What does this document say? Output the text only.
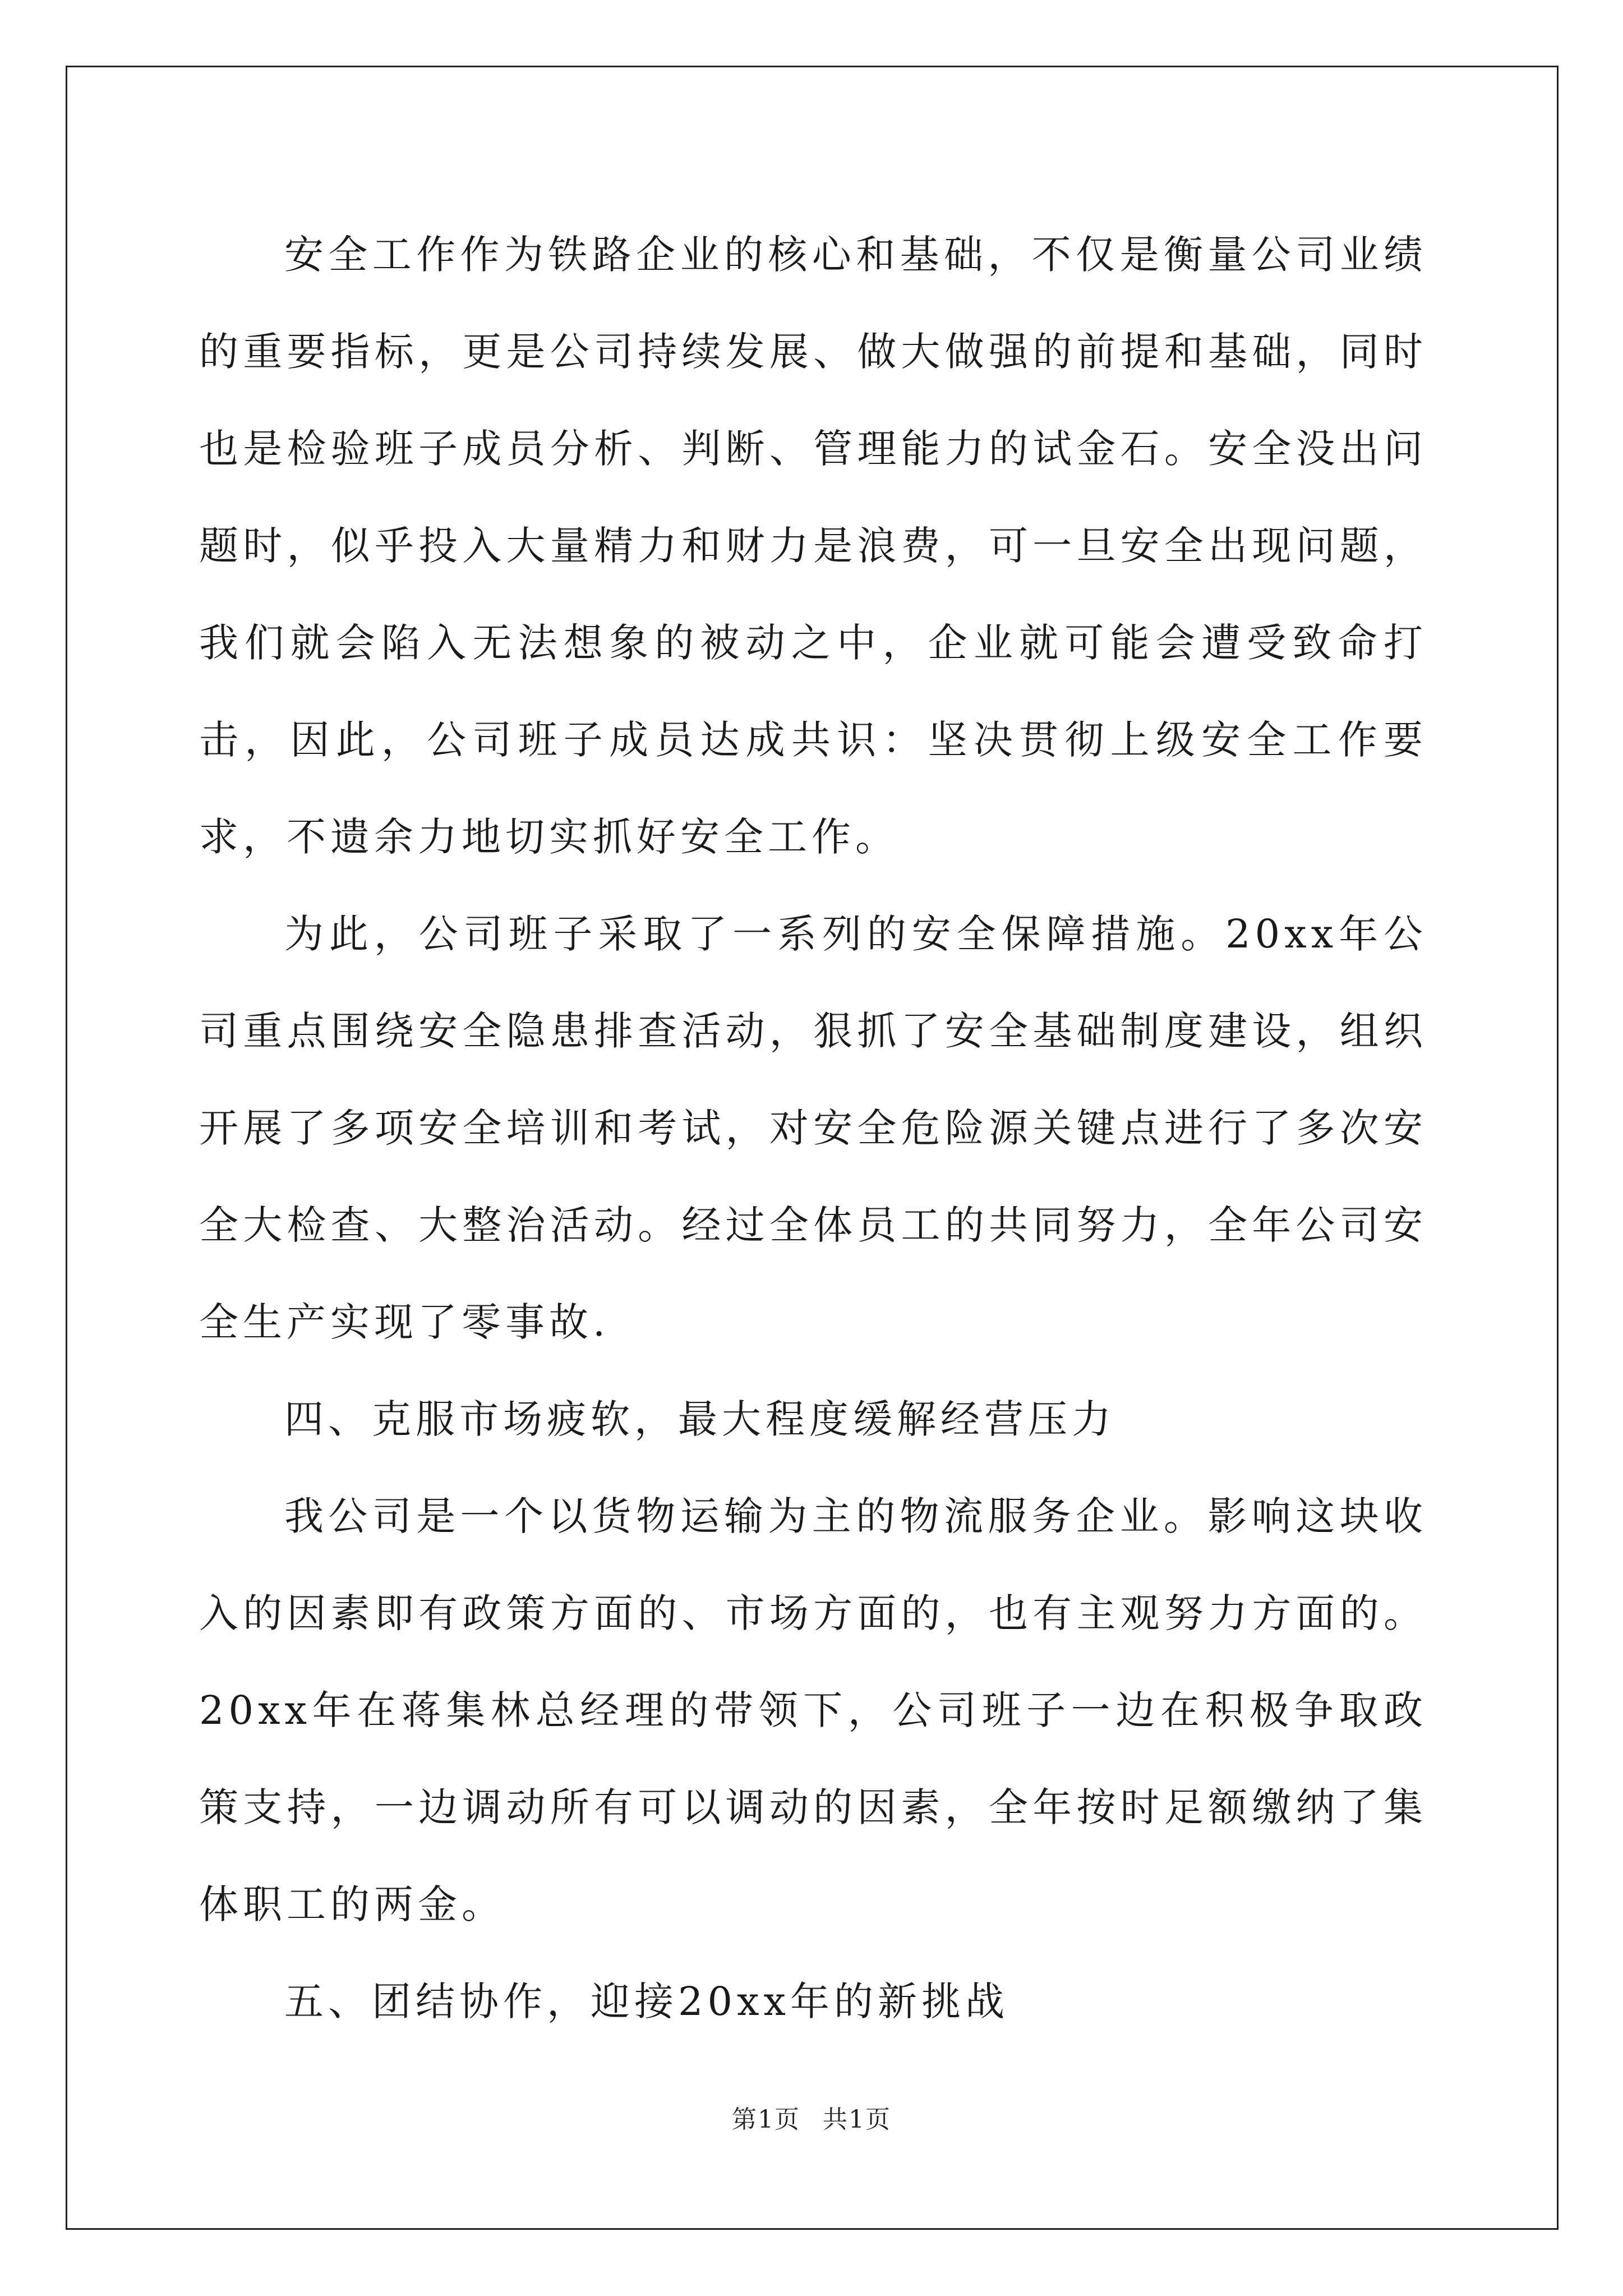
安全工作作为铁路企业的核心和基础，不仅是衡量公司业绩的重要指标，更是公司持续发展、做大做强的前提和基础，同时也是检验班子成员分析、判断、管理能力的试金石。安全没出问题时，似乎投入大量精力和财力是浪费，可一旦安全出现问题，我们就会陷入无法想象的被动之中，企业就可能会遭受致命打击，因此，公司班子成员达成共识：坚决贯彻上级安全工作要求，不遗余力地切实抓好安全工作。

为此，公司班子采取了一系列的安全保障措施。20xx年公司重点围绕安全隐患排查活动，狠抓了安全基础制度建设，组织开展了多项安全培训和考试，对安全危险源关键点进行了多次安全大检查、大整治活动。经过全体员工的共同努力，全年公司安全生产实现了零事故.

四、克服市场疲软，最大程度缓解经营压力

我公司是一个以货物运输为主的物流服务企业。影响这块收入的因素即有政策方面的、市场方面的，也有主观努力方面的。20xx年在蒋集林总经理的带领下，公司班子一边在积极争取政策支持，一边调动所有可以调动的因素，全年按时足额缴纳了集体职工的两金。

五、团结协作，迎接20xx年的新挑战

第1页 共1页
